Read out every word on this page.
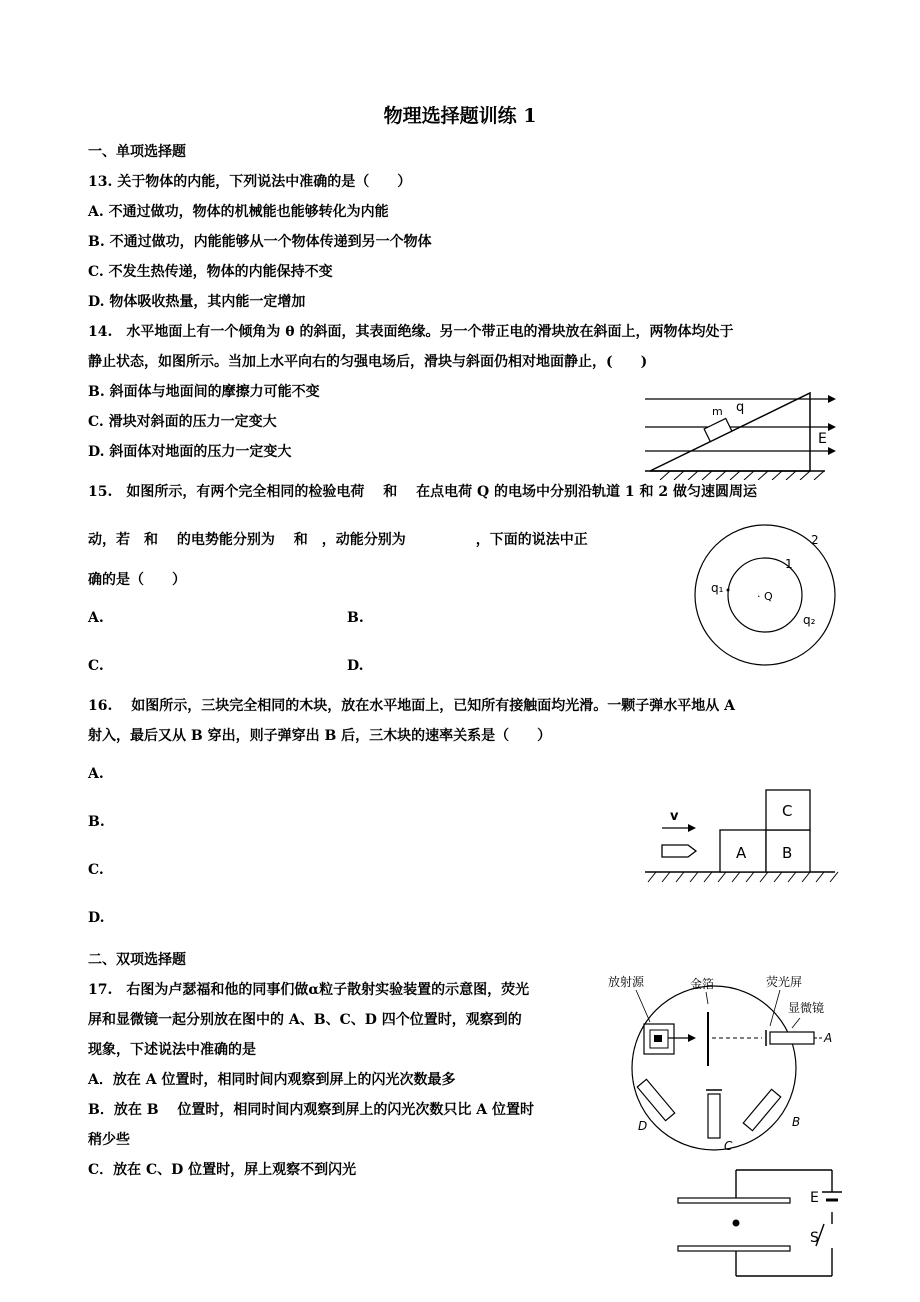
物理选择题训练 1
一、单项选择题
13. 关于物体的内能，下列说法中准确的是（　　）
A. 不通过做功，物体的机械能也能够转化为内能
B. 不通过做功，内能能够从一个物体传递到另一个物体
C. 不发生热传递，物体的内能保持不变
D. 物体吸收热量，其内能一定增加
14.　水平地面上有一个倾角为 θ 的斜面，其表面绝缘。另一个带正电的滑块放在斜面上，两物体均处于
静止状态，如图所示。当加上水平向右的匀强电场后，滑块与斜面仍相对地面静止，(　　)
B. 斜面体与地面间的摩擦力可能不变
C. 滑块对斜面的压力一定变大
D. 斜面体对地面的压力一定变大
m q
E
15.　如图所示，有两个完全相同的检验电荷　 和　 在点电荷 Q 的电场中分别沿轨道 1 和 2 做匀速圆周运
动，若　和　 的电势能分别为　 和　，动能分别为　　　　　，下面的说法中正
确的是（　　）
A.	B.
C.	D.
2
1
q₁
· Q
q₂
16.　 如图所示，三块完全相同的木块，放在水平地面上，已知所有接触面均光滑。一颗子弹水平地从 A
射入，最后又从 B 穿出，则子弹穿出 B 后，三木块的速率关系是（　　）
A.
B.
C.
D.
A B
C
v
二、双项选择题
17.　右图为卢瑟福和他的同事们做α粒子散射实验装置的示意图，荧光
屏和显微镜一起分别放在图中的 A、B、C、D 四个位置时，观察到的
现象，下述说法中准确的是
A．放在 A 位置时，相同时间内观察到屏上的闪光次数最多
B．放在 B　 位置时，相同时间内观察到屏上的闪光次数只比 A 位置时
稍少些
C．放在 C、D 位置时，屏上观察不到闪光
放射源	金箔	荧光屏
显微镜
A
B
C
D
E
S
